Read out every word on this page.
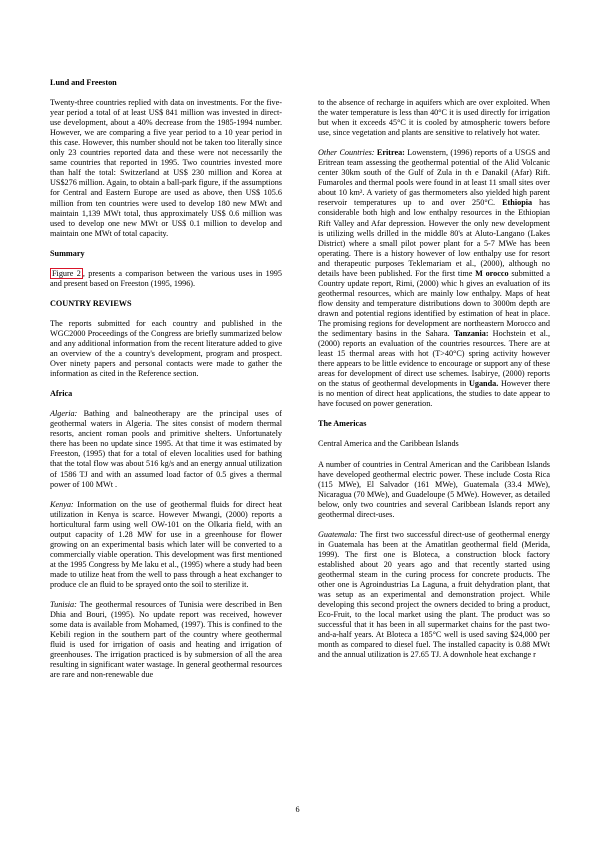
Lund and Freeston

Twenty-three countries replied with data on investments. For the five-year period a total of at least US$ 841 million was invested in direct-use development, about a 40% decrease from the 1985-1994 number. However, we are comparing a five year period to a 10 year period in this case. However, this number should not be taken too literally since only 23 countries reported data and these were not necessarily the same countries that reported in 1995. Two countries invested more than half the total: Switzerland at US$ 230 million and Korea at US$276 million. Again, to obtain a ball-park figure, if the assumptions for Central and Eastern Europe are used as above, then US$ 105.6 million from ten countries were used to develop 180 new MWt and maintain 1,139 MWt total, thus approximately US$ 0.6 million was used to develop one new MWt or US$ 0.1 million to develop and maintain one MWt of total capacity.

Summary

Figure 2 , presents a comparison between the various uses in 1995 and present based on Freeston (1995, 1996).

COUNTRY REVIEWS

The reports submitted for each country and published in the WGC2000 Proceedings of the Congress are briefly summarized below and any additional information from the recent literature added to give an overview of the a country's development, program and prospect. Over ninety papers and personal contacts were made to gather the information as cited in the Reference section.

Africa

Algeria: Bathing and balneotherapy are the principal uses of geothermal waters in Algeria. The sites consist of modern thermal resorts, ancient roman pools and primitive shelters. Unfortunately there has been no update since 1995. At that time it was estimated by Freeston, (1995) that for a total of eleven localities used for bathing that the total flow was about 516 kg/s and an energy annual utilization of 1586 TJ and with an assumed load factor of 0.5 gives a thermal power of 100 MWt .

Kenya: Information on the use of geothermal fluids for direct heat utilization in Kenya is scarce. However Mwangi, (2000) reports a horticultural farm using well OW-101 on the Olkaria field, with an output capacity of 1.28 MW for use in a greenhouse for flower growing on an experimental basis which later will be converted to a commercially viable operation. This development was first mentioned at the 1995 Congress by Me laku et al., (1995) where a study had been made to utilize heat from the well to pass through a heat exchanger to produce cle an fluid to be sprayed onto the soil to sterilize it.

Tunisia: The geothermal resources of Tunisia were described in Ben Dhia and Bouri, (1995). No update report was received, however some data is available from Mohamed, (1997). This is confined to the Kebili region in the southern part of the country where geothermal fluid is used for irrigation of oasis and heating and irrigation of greenhouses. The irrigation practiced is by submersion of all the area resulting in significant water wastage. In general geothermal resources are rare and non-renewable due

to the absence of recharge in aquifers which are over exploited. When the water temperature is less than 40°C it is used directly for irrigation but when it exceeds 45°C it is cooled by atmospheric towers before use, since vegetation and plants are sensitive to relatively hot water.

Other Countries: Eritrea: Lowenstern, (1996) reports of a USGS and Eritrean team assessing the geothermal potential of the Alid Volcanic center 30km south of the Gulf of Zula in th e Danakil (Afar) Rift. Fumaroles and thermal pools were found in at least 11 small sites over about 10 km². A variety of gas thermometers also yielded high parent reservoir temperatures up to and over 250°C. Ethiopia has considerable both high and low enthalpy resources in the Ethiopian Rift Valley and Afar depression. However the only new development is utilizing wells drilled in the middle 80's at Aluto-Langano (Lakes District) where a small pilot power plant for a 5-7 MWe has been operating. There is a history however of low enthalpy use for resort and therapeutic purposes Teklemariam et al., (2000), although no details have been published. For the first time M orocco submitted a Country update report, Rimi, (2000) whic h gives an evaluation of its geothermal resources, which are mainly low enthalpy. Maps of heat flow density and temperature distributions down to 3000m depth are drawn and potential regions identified by estimation of heat in place. The promising regions for development are northeastern Morocco and the sedimentary basins in the Sahara. Tanzania: Hochstein et al., (2000) reports an evaluation of the countries resources. There are at least 15 thermal areas with hot (T>40°C) spring activity however there appears to be little evidence to encourage or support any of these areas for development of direct use schemes. Isabirye, (2000) reports on the status of geothermal developments in Uganda. However there is no mention of direct heat applications, the studies to date appear to have focused on power generation.

The Americas

Central America and the Caribbean Islands

A number of countries in Central American and the Caribbean Islands have developed geothermal electric power. These include Costa Rica (115 MWe), El Salvador (161 MWe), Guatemala (33.4 MWe), Nicaragua (70 MWe), and Guadeloupe (5 MWe). However, as detailed below, only two countries and several Caribbean Islands report any geothermal direct-uses.

Guatemala: The first two successful direct-use of geothermal energy in Guatemala has been at the Amatitlan geothermal field (Merida, 1999). The first one is Bloteca, a construction block factory established about 20 years ago and that recently started using geothermal steam in the curing process for concrete products. The other one is Agroindustrias La Laguna, a fruit dehydration plant, that was setup as an experimental and demonstration project. While developing this second project the owners decided to bring a product, Eco-Fruit, to the local market using the plant. The product was so successful that it has been in all supermarket chains for the past two-and-a-half years. At Bloteca a 185°C well is used saving $24,000 per month as compared to diesel fuel. The installed capacity is 0.88 MWt and the annual utilization is 27.65 TJ. A downhole heat exchange r

6
